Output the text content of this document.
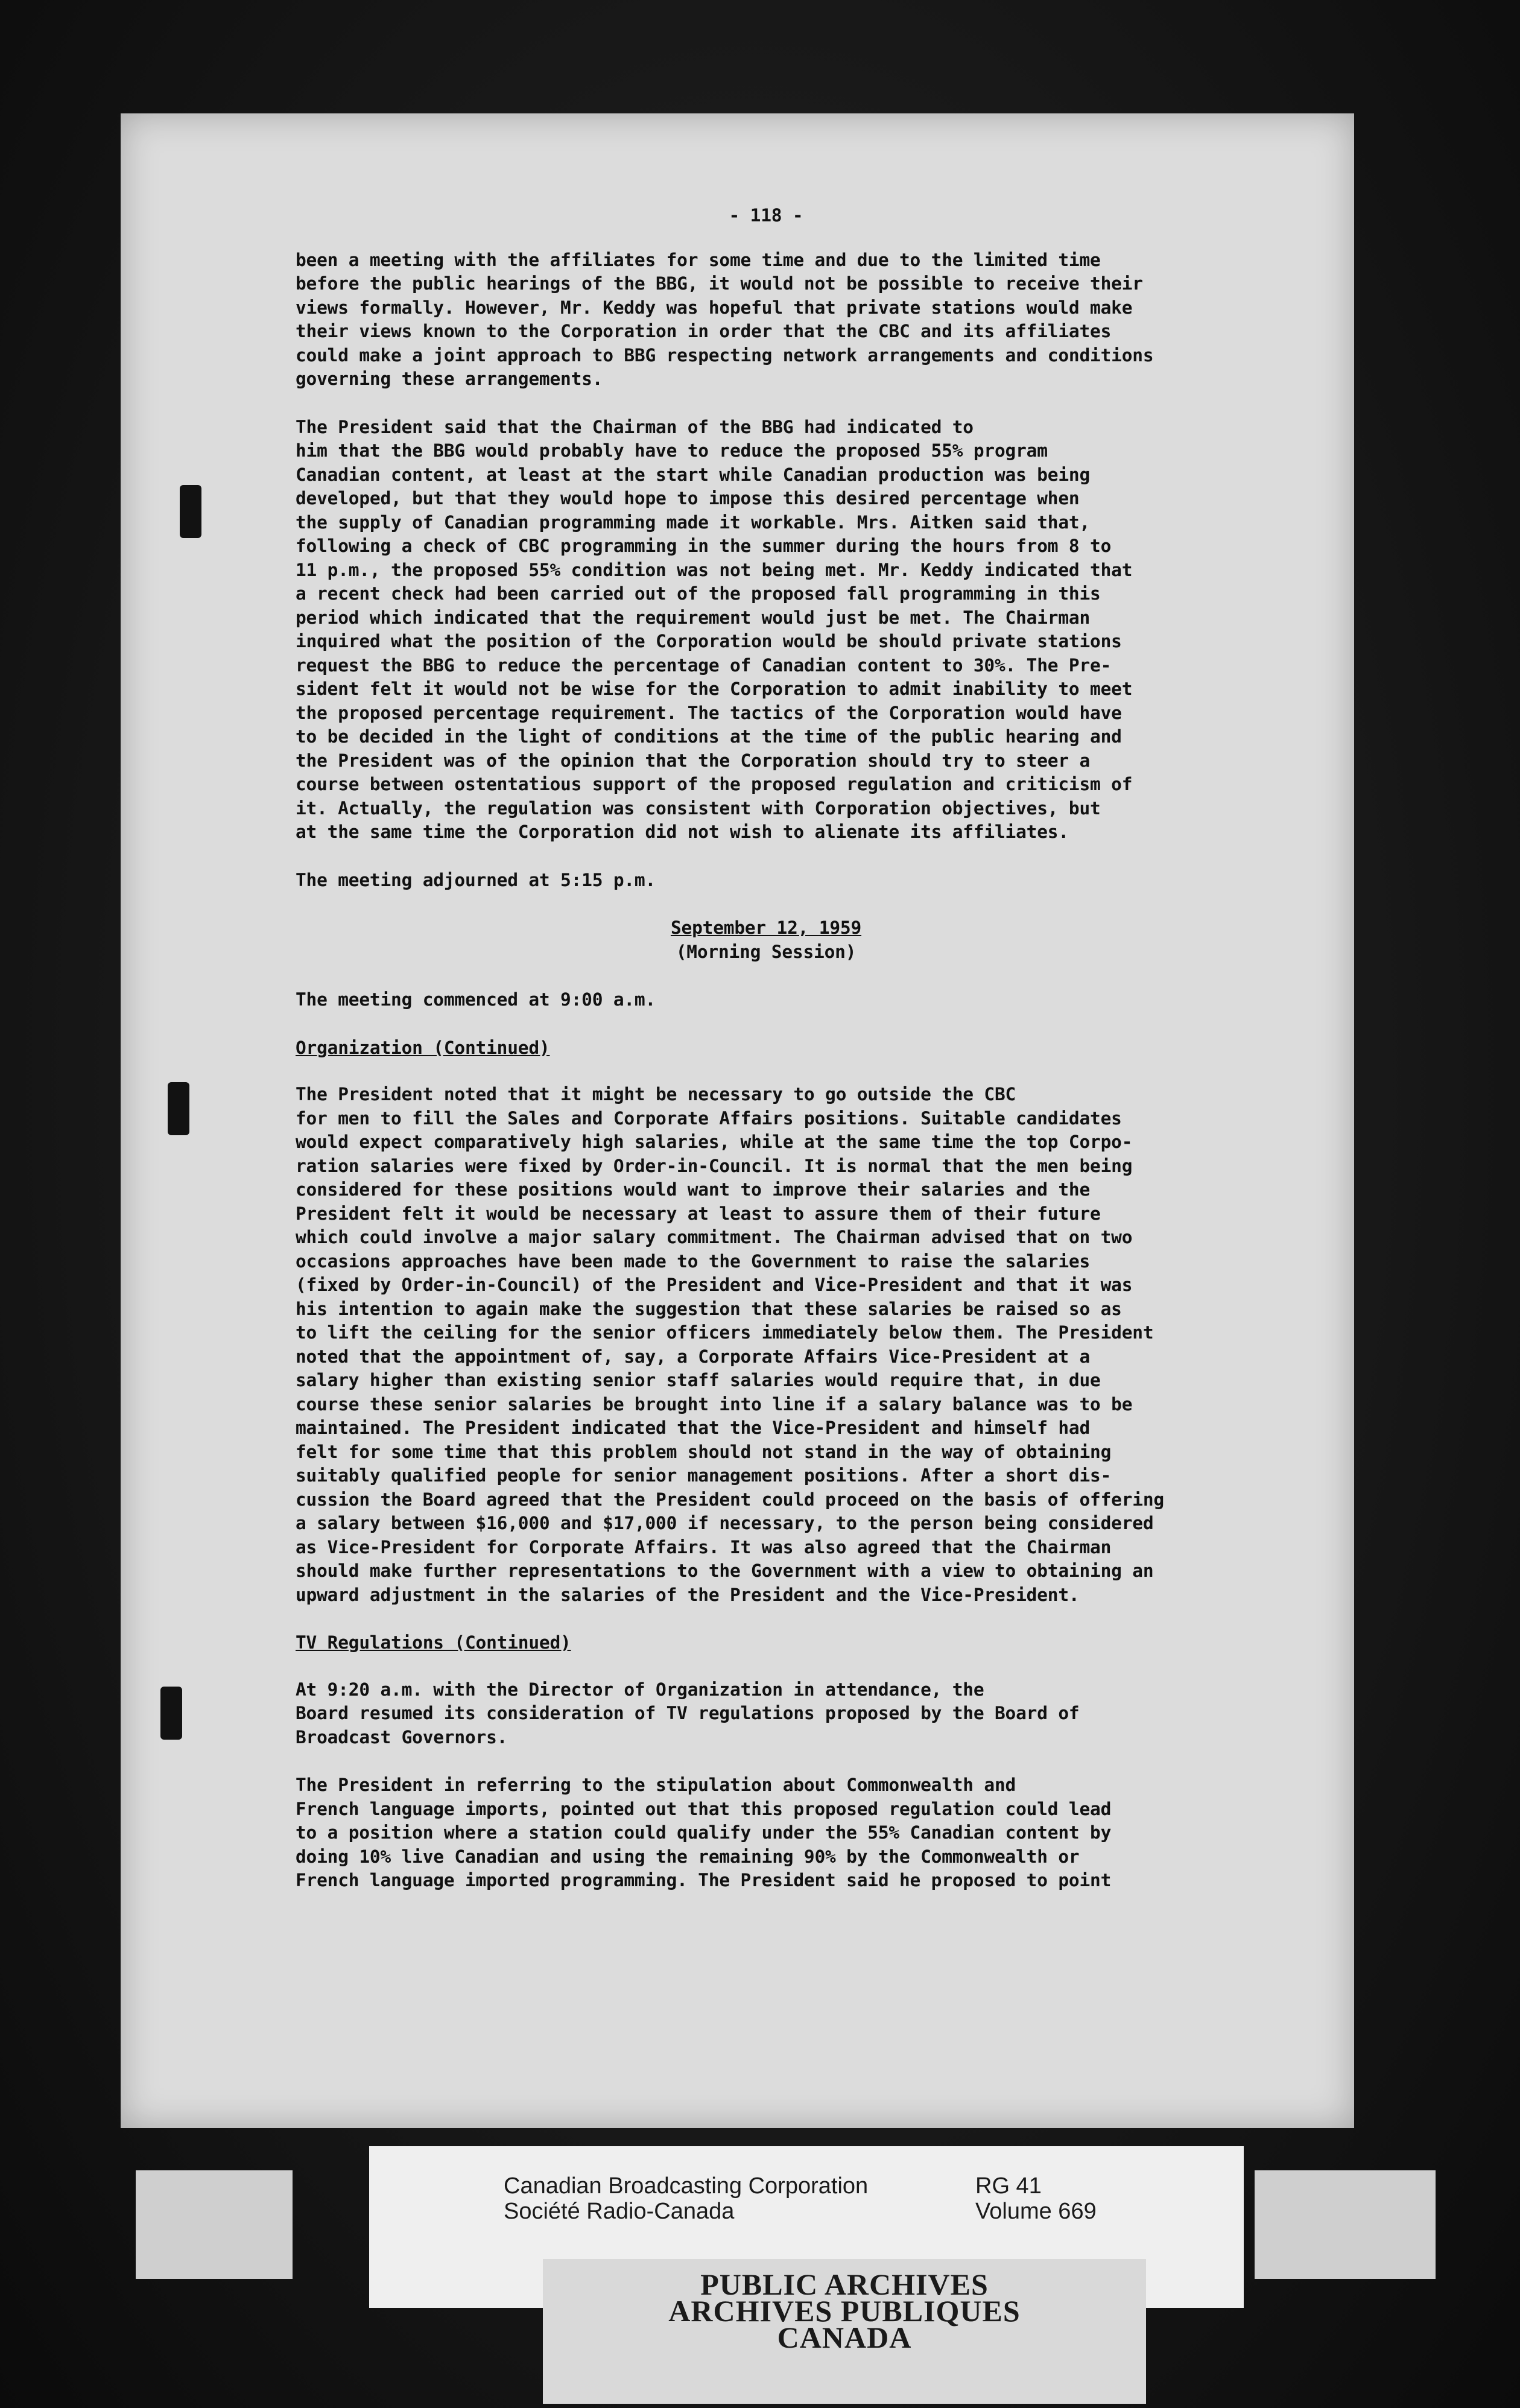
- 118 -

been a meeting with the affiliates for some time and due to the limited time
before the public hearings of the BBG, it would not be possible to receive their
views formally. However, Mr. Keddy was hopeful that private stations would make
their views known to the Corporation in order that the CBC and its affiliates
could make a joint approach to BBG respecting network arrangements and conditions
governing these arrangements.

The President said that the Chairman of the BBG had indicated to
him that the BBG would probably have to reduce the proposed 55% program
Canadian content, at least at the start while Canadian production was being
developed, but that they would hope to impose this desired percentage when
the supply of Canadian programming made it workable. Mrs. Aitken said that,
following a check of CBC programming in the summer during the hours from 8 to
11 p.m., the proposed 55% condition was not being met. Mr. Keddy indicated that
a recent check had been carried out of the proposed fall programming in this
period which indicated that the requirement would just be met. The Chairman
inquired what the position of the Corporation would be should private stations
request the BBG to reduce the percentage of Canadian content to 30%. The Pre-
sident felt it would not be wise for the Corporation to admit inability to meet
the proposed percentage requirement. The tactics of the Corporation would have
to be decided in the light of conditions at the time of the public hearing and
the President was of the opinion that the Corporation should try to steer a
course between ostentatious support of the proposed regulation and criticism of
it. Actually, the regulation was consistent with Corporation objectives, but
at the same time the Corporation did not wish to alienate its affiliates.

The meeting adjourned at 5:15 p.m.

September 12, 1959

(Morning Session)

The meeting commenced at 9:00 a.m.

Organization (Continued)

The President noted that it might be necessary to go outside the CBC
for men to fill the Sales and Corporate Affairs positions. Suitable candidates
would expect comparatively high salaries, while at the same time the top Corpo-
ration salaries were fixed by Order-in-Council. It is normal that the men being
considered for these positions would want to improve their salaries and the
President felt it would be necessary at least to assure them of their future
which could involve a major salary commitment. The Chairman advised that on two
occasions approaches have been made to the Government to raise the salaries
(fixed by Order-in-Council) of the President and Vice-President and that it was
his intention to again make the suggestion that these salaries be raised so as
to lift the ceiling for the senior officers immediately below them. The President
noted that the appointment of, say, a Corporate Affairs Vice-President at a
salary higher than existing senior staff salaries would require that, in due
course these senior salaries be brought into line if a salary balance was to be
maintained. The President indicated that the Vice-President and himself had
felt for some time that this problem should not stand in the way of obtaining
suitably qualified people for senior management positions. After a short dis-
cussion the Board agreed that the President could proceed on the basis of offering
a salary between $16,000 and $17,000 if necessary, to the person being considered
as Vice-President for Corporate Affairs. It was also agreed that the Chairman
should make further representations to the Government with a view to obtaining an
upward adjustment in the salaries of the President and the Vice-President.

TV Regulations (Continued)

At 9:20 a.m. with the Director of Organization in attendance, the
Board resumed its consideration of TV regulations proposed by the Board of
Broadcast Governors.

The President in referring to the stipulation about Commonwealth and
French language imports, pointed out that this proposed regulation could lead
to a position where a station could qualify under the 55% Canadian content by
doing 10% live Canadian and using the remaining 90% by the Commonwealth or
French language imported programming. The President said he proposed to point

Canadian Broadcasting Corporation
Société Radio-Canada
RG 41
Volume 669
PUBLIC ARCHIVES
ARCHIVES PUBLIQUES
CANADA
